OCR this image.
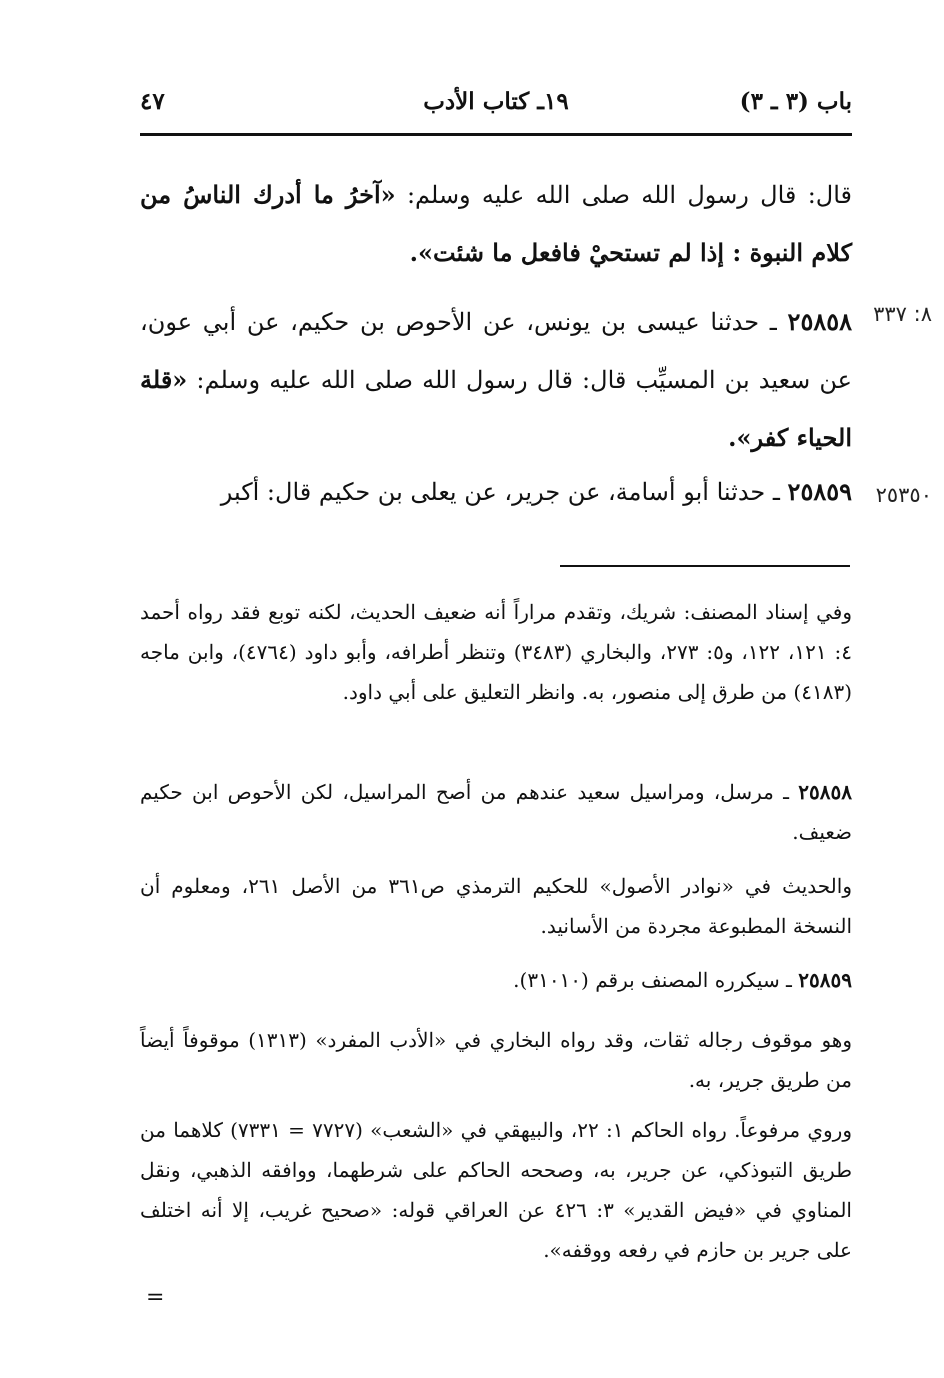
باب (٣ ـ ٣)
١٩ـ كتاب الأدب
٤٧
قال: قال رسول الله صلى الله عليه وسلم: «آخرُ ما أدرك الناسُ من كلام النبوة : إذا لم تستحيْ فافعل ما شئت».
٨: ٣٣٧
٢٥٨٥٨ ـ حدثنا عيسى بن يونس، عن الأحوص بن حكيم، عن أبي عون، عن سعيد بن المسيِّب قال: قال رسول الله صلى الله عليه وسلم: «قلة الحياء كفر».
٢٥٣٥٠
٢٥٨٥٩ ـ حدثنا أبو أسامة، عن جرير، عن يعلى بن حكيم قال: أكبر
وفي إسناد المصنف: شريك، وتقدم مراراً أنه ضعيف الحديث، لكنه توبع فقد رواه أحمد ٤: ١٢١، ١٢٢، و٥: ٢٧٣، والبخاري (٣٤٨٣) وتنظر أطرافه، وأبو داود (٤٧٦٤)، وابن ماجه (٤١٨٣) من طرق إلى منصور، به. وانظر التعليق على أبي داود.
٢٥٨٥٨ ـ مرسل، ومراسيل سعيد عندهم من أصح المراسيل، لكن الأحوص ابن حكيم ضعيف.
والحديث في «نوادر الأصول» للحكيم الترمذي ص٣٦١ من الأصل ٢٦١، ومعلوم أن النسخة المطبوعة مجردة من الأسانيد.
٢٥٨٥٩ ـ سيكرره المصنف برقم (٣١٠١٠).
وهو موقوف رجاله ثقات، وقد رواه البخاري في «الأدب المفرد» (١٣١٣) موقوفاً أيضاً من طريق جرير، به.
وروي مرفوعاً. رواه الحاكم ١: ٢٢، والبيهقي في «الشعب» (٧٧٢٧ = ٧٣٣١) كلاهما من طريق التبوذكي، عن جرير، به، وصححه الحاكم على شرطهما، ووافقه الذهبي، ونقل المناوي في «فيض القدير» ٣: ٤٢٦ عن العراقي قوله: «صحيح غريب، إلا أنه اختلف على جرير بن حازم في رفعه ووقفه».
=
